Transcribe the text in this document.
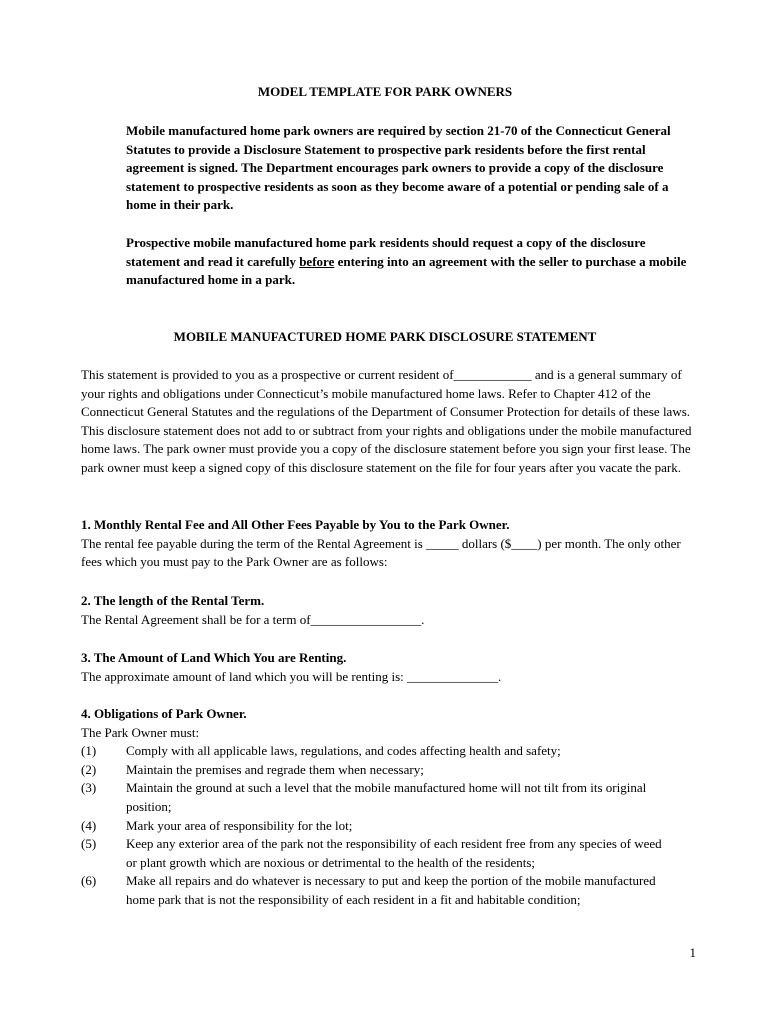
MODEL TEMPLATE FOR PARK OWNERS

Mobile manufactured home park owners are required by section 21-70 of the Connecticut General Statutes to provide a Disclosure Statement to prospective park residents before the first rental agreement is signed. The Department encourages park owners to provide a copy of the disclosure statement to prospective residents as soon as they become aware of a potential or pending sale of a home in their park.

Prospective mobile manufactured home park residents should request a copy of the disclosure statement and read it carefully before entering into an agreement with the seller to purchase a mobile manufactured home in a park.

MOBILE MANUFACTURED HOME PARK DISCLOSURE STATEMENT

This statement is provided to you as a prospective or current resident of____________ and is a general summary of your rights and obligations under Connecticut’s mobile manufactured home laws. Refer to Chapter 412 of the Connecticut General Statutes and the regulations of the Department of Consumer Protection for details of these laws. This disclosure statement does not add to or subtract from your rights and obligations under the mobile manufactured home laws. The park owner must provide you a copy of the disclosure statement before you sign your first lease. The park owner must keep a signed copy of this disclosure statement on the file for four years after you vacate the park.

1. Monthly Rental Fee and All Other Fees Payable by You to the Park Owner.
The rental fee payable during the term of the Rental Agreement is _____ dollars ($____) per month. The only other fees which you must pay to the Park Owner are as follows:
2. The length of the Rental Term.
The Rental Agreement shall be for a term of_________________.
3. The Amount of Land Which You are Renting.
The approximate amount of land which you will be renting is: ______________.
4. Obligations of Park Owner.
The Park Owner must:
(1)	Comply with all applicable laws, regulations, and codes affecting health and safety;
(2)	Maintain the premises and regrade them when necessary;
(3)	Maintain the ground at such a level that the mobile manufactured home will not tilt from its original position;
(4)	Mark your area of responsibility for the lot;
(5)	Keep any exterior area of the park not the responsibility of each resident free from any species of weed or plant growth which are noxious or detrimental to the health of the residents;
(6)	Make all repairs and do whatever is necessary to put and keep the portion of the mobile manufactured home park that is not the responsibility of each resident in a fit and habitable condition;
1
